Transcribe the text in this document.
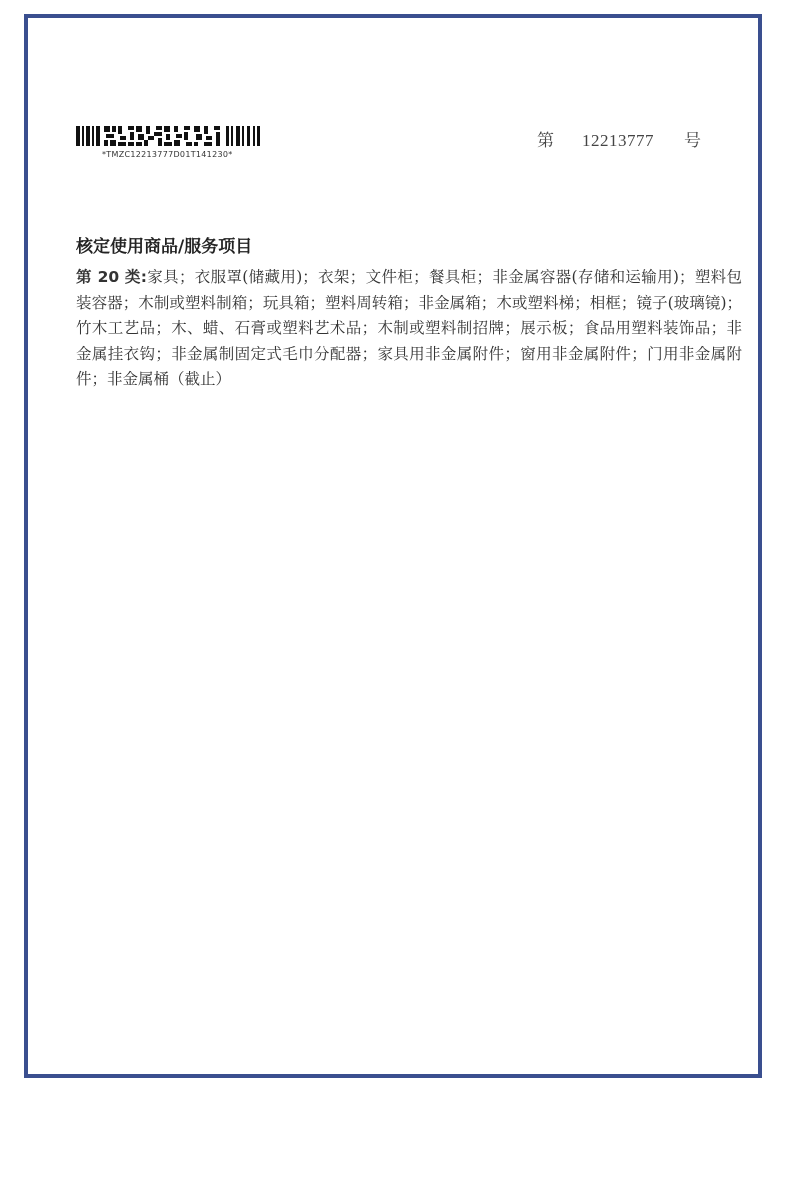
*TMZC12213777D01T141230*
第 12213777 号
核定使用商品/服务项目
第 20 类:家具；衣服罩(储藏用)；衣架；文件柜；餐具柜；非金属容器(存储和运输用)；塑料包装容器；木制或塑料制箱；玩具箱；塑料周转箱；非金属箱；木或塑料梯；相框；镜子(玻璃镜)；竹木工艺品；木、蜡、石膏或塑料艺术品；木制或塑料制招牌；展示板；食品用塑料装饰品；非金属挂衣钩；非金属制固定式毛巾分配器；家具用非金属附件；窗用非金属附件；门用非金属附件；非金属桶（截止）
